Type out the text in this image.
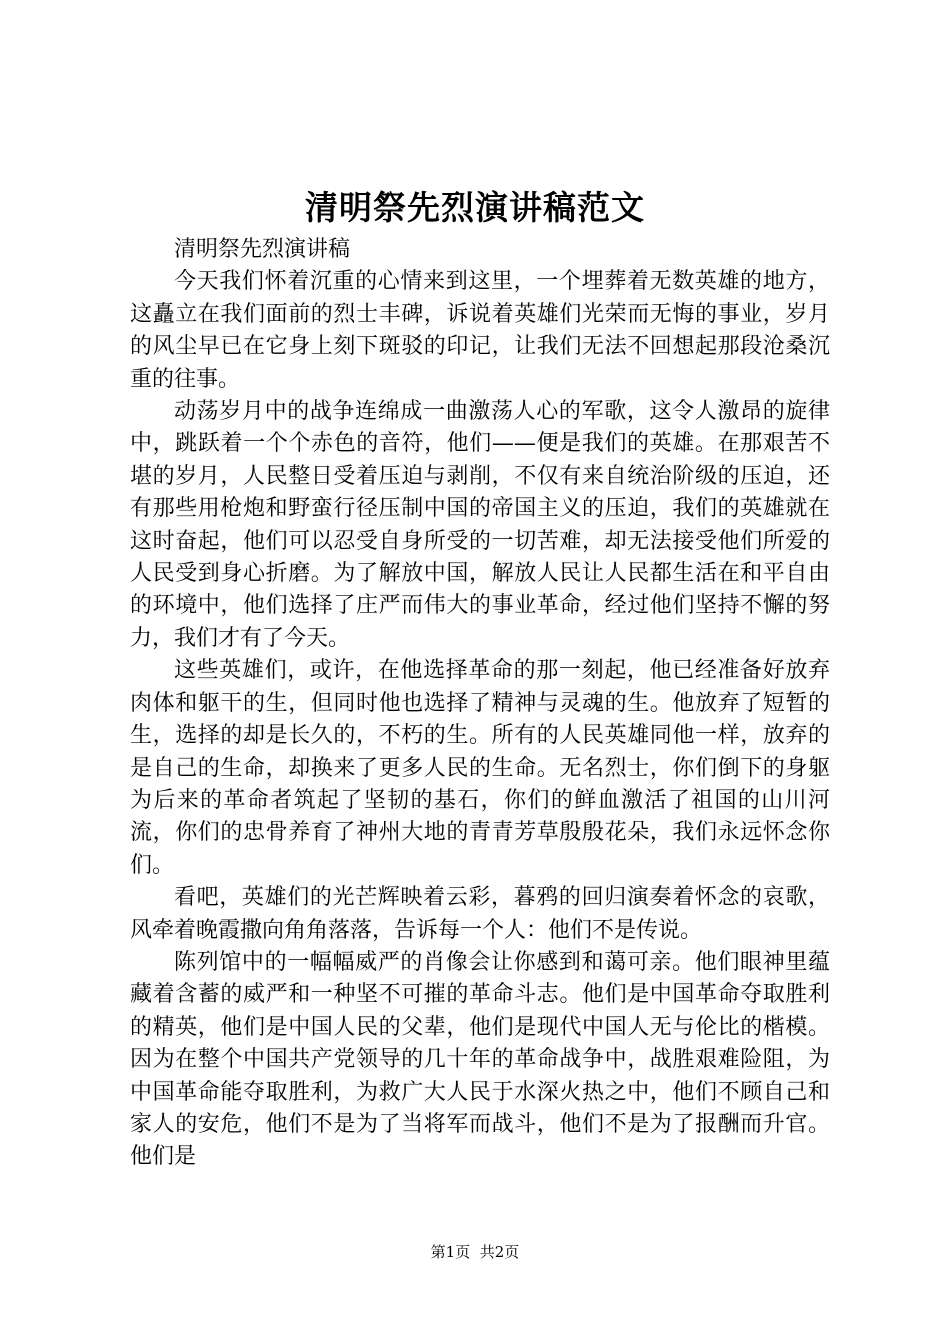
清明祭先烈演讲稿范文

清明祭先烈演讲稿

今天我们怀着沉重的心情来到这里，一个埋葬着无数英雄的地方，这矗立在我们面前的烈士丰碑，诉说着英雄们光荣而无悔的事业，岁月的风尘早已在它身上刻下斑驳的印记，让我们无法不回想起那段沧桑沉重的往事。

动荡岁月中的战争连绵成一曲激荡人心的军歌，这令人激昂的旋律中，跳跃着一个个赤色的音符，他们——便是我们的英雄。在那艰苦不堪的岁月，人民整日受着压迫与剥削，不仅有来自统治阶级的压迫，还有那些用枪炮和野蛮行径压制中国的帝国主义的压迫，我们的英雄就在这时奋起，他们可以忍受自身所受的一切苦难，却无法接受他们所爱的人民受到身心折磨。为了解放中国，解放人民让人民都生活在和平自由的环境中，他们选择了庄严而伟大的事业革命，经过他们坚持不懈的努力，我们才有了今天。

这些英雄们，或许，在他选择革命的那一刻起，他已经准备好放弃肉体和躯干的生，但同时他也选择了精神与灵魂的生。他放弃了短暂的生，选择的却是长久的，不朽的生。所有的人民英雄同他一样，放弃的是自己的生命，却换来了更多人民的生命。无名烈士，你们倒下的身躯为后来的革命者筑起了坚韧的基石，你们的鲜血激活了祖国的山川河流，你们的忠骨养育了神州大地的青青芳草殷殷花朵，我们永远怀念你们。

看吧，英雄们的光芒辉映着云彩，暮鸦的回归演奏着怀念的哀歌，风牵着晚霞撒向角角落落，告诉每一个人：他们不是传说。

陈列馆中的一幅幅威严的肖像会让你感到和蔼可亲。他们眼神里蕴藏着含蓄的威严和一种坚不可摧的革命斗志。他们是中国革命夺取胜利的精英，他们是中国人民的父辈，他们是现代中国人无与伦比的楷模。因为在整个中国共产党领导的几十年的革命战争中，战胜艰难险阻，为中国革命能夺取胜利，为救广大人民于水深火热之中，他们不顾自己和家人的安危，他们不是为了当将军而战斗，他们不是为了报酬而升官。他们是

第1页 共2页
